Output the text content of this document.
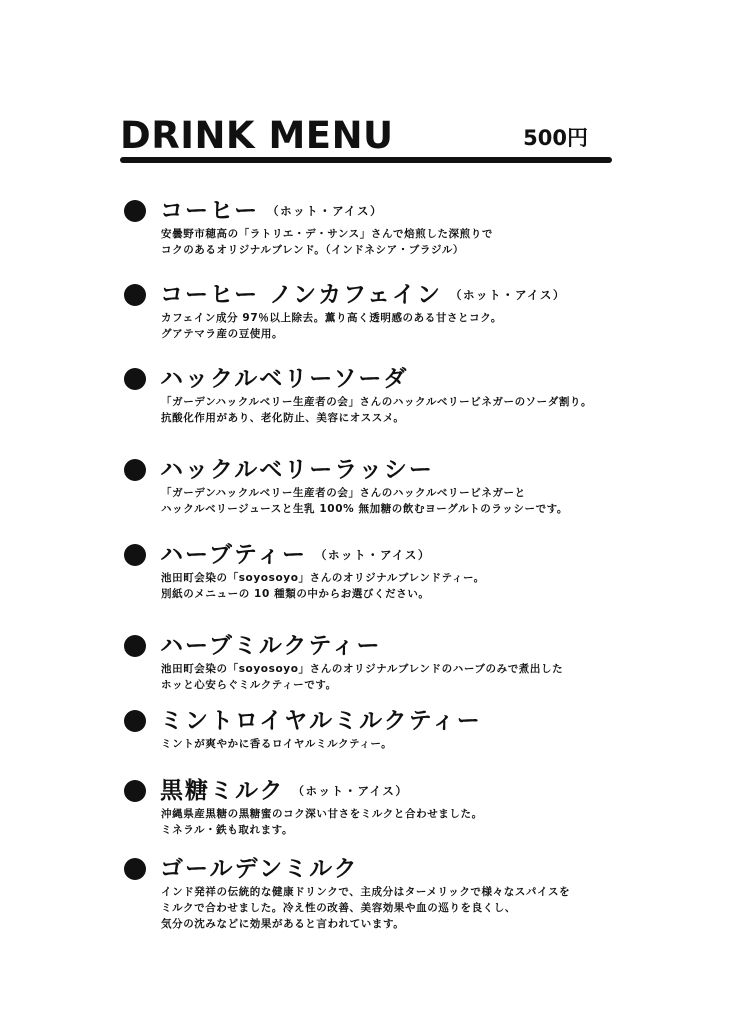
DRINK MENU	500円
コーヒー （ホット・アイス）
安曇野市穂高の「ラトリエ・デ・サンス」さんで焙煎した深煎りで
コクのあるオリジナルブレンド。（インドネシア・ブラジル）
コーヒー ノンカフェイン （ホット・アイス）
カフェイン成分 97％以上除去。薫り高く透明感のある甘さとコク。
グアテマラ産の豆使用。
ハックルベリーソーダ
「ガーデンハックルベリー生産者の会」さんのハックルベリービネガーのソーダ割り。
抗酸化作用があり、老化防止、美容にオススメ。
ハックルベリーラッシー
「ガーデンハックルベリー生産者の会」さんのハックルベリービネガーと
ハックルベリージュースと生乳 100% 無加糖の飲むヨーグルトのラッシーです。
ハーブティー （ホット・アイス）
池田町会染の「soyosoyo」さんのオリジナルブレンドティー。
別紙のメニューの 10 種類の中からお選びください。
ハーブミルクティー
池田町会染の「soyosoyo」さんのオリジナルブレンドのハーブのみで煮出した
ホッと心安らぐミルクティーです。
ミントロイヤルミルクティー
ミントが爽やかに香るロイヤルミルクティー。
黒糖ミルク （ホット・アイス）
沖縄県産黒糖の黒糖蜜のコク深い甘さをミルクと合わせました。
ミネラル・鉄も取れます。
ゴールデンミルク
インド発祥の伝統的な健康ドリンクで、主成分はターメリックで様々なスパイスを
ミルクで合わせました。冷え性の改善、美容効果や血の巡りを良くし、
気分の沈みなどに効果があると言われています。
